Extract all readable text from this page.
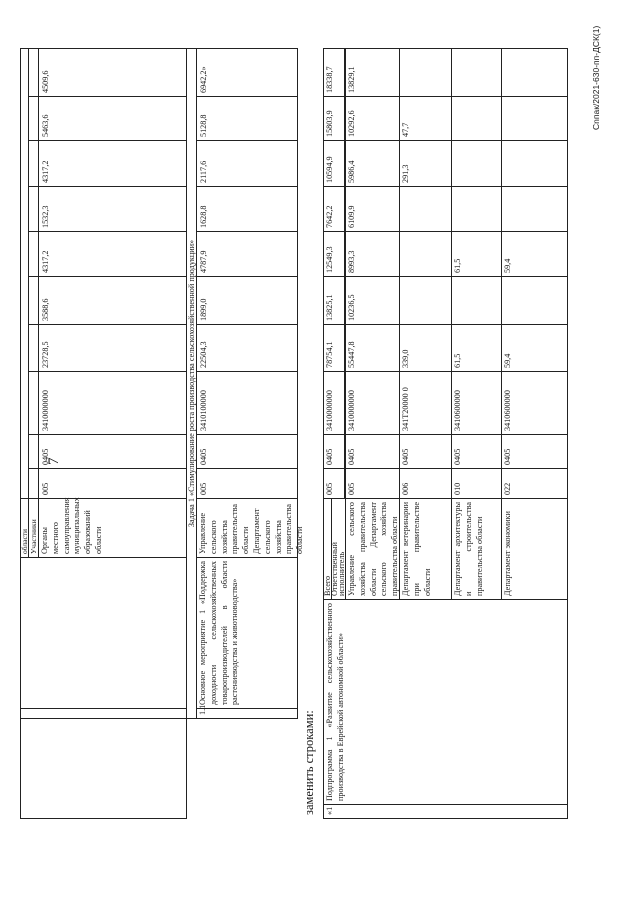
7
области Участники Органы местного самоуправления муниципальных образований области
005
0405
3410000000
23728,5
3588,6
4317,2
1532,3
4317,2
5463,6
4509,6
Задача 1 «Стимулирование роста производства сельскохозяйственной продукции»
1.1
Основное мероприятие 1 «Поддержка доходности сельскохозяйственных товаропроизводителей в области растениеводства и животноводства»
Управление сельского хозяйства правительства области Департамент сельского хозяйства правительства области
005
0405
3410100000
22504,3
1899,0
4787,9
1628,8
2117,6
5128,8
6942,2»
заменить строками: «1
Подпрограмма 1 «Развитие сельскохозяйственного производства в Еврейской автономной области»
Всего
005
0405
3410000000
78754,1
13825,1
12549,3
7642,2
10594,9
15803,9
18338,7
Ответственный исполнитель Управление сельского хозяйства правительства области Департамент сельского хозяйства правительства области
005
0405
3410000000
55447,8
10236,5
8993,3
6109,9
5986,4
10292,6
13829,1
Департамент ветеринарии при правительстве области
006
0405
341Т20000 0
339,0
291,3
47,7
Департамент архитектуры и строительства правительства области
010
0405
3410600000
61,5
61,5
Департамент экономики
022
0405
3410600000
59,4
59,4
Сnпак/2021-630-пп-ДСК(1)
